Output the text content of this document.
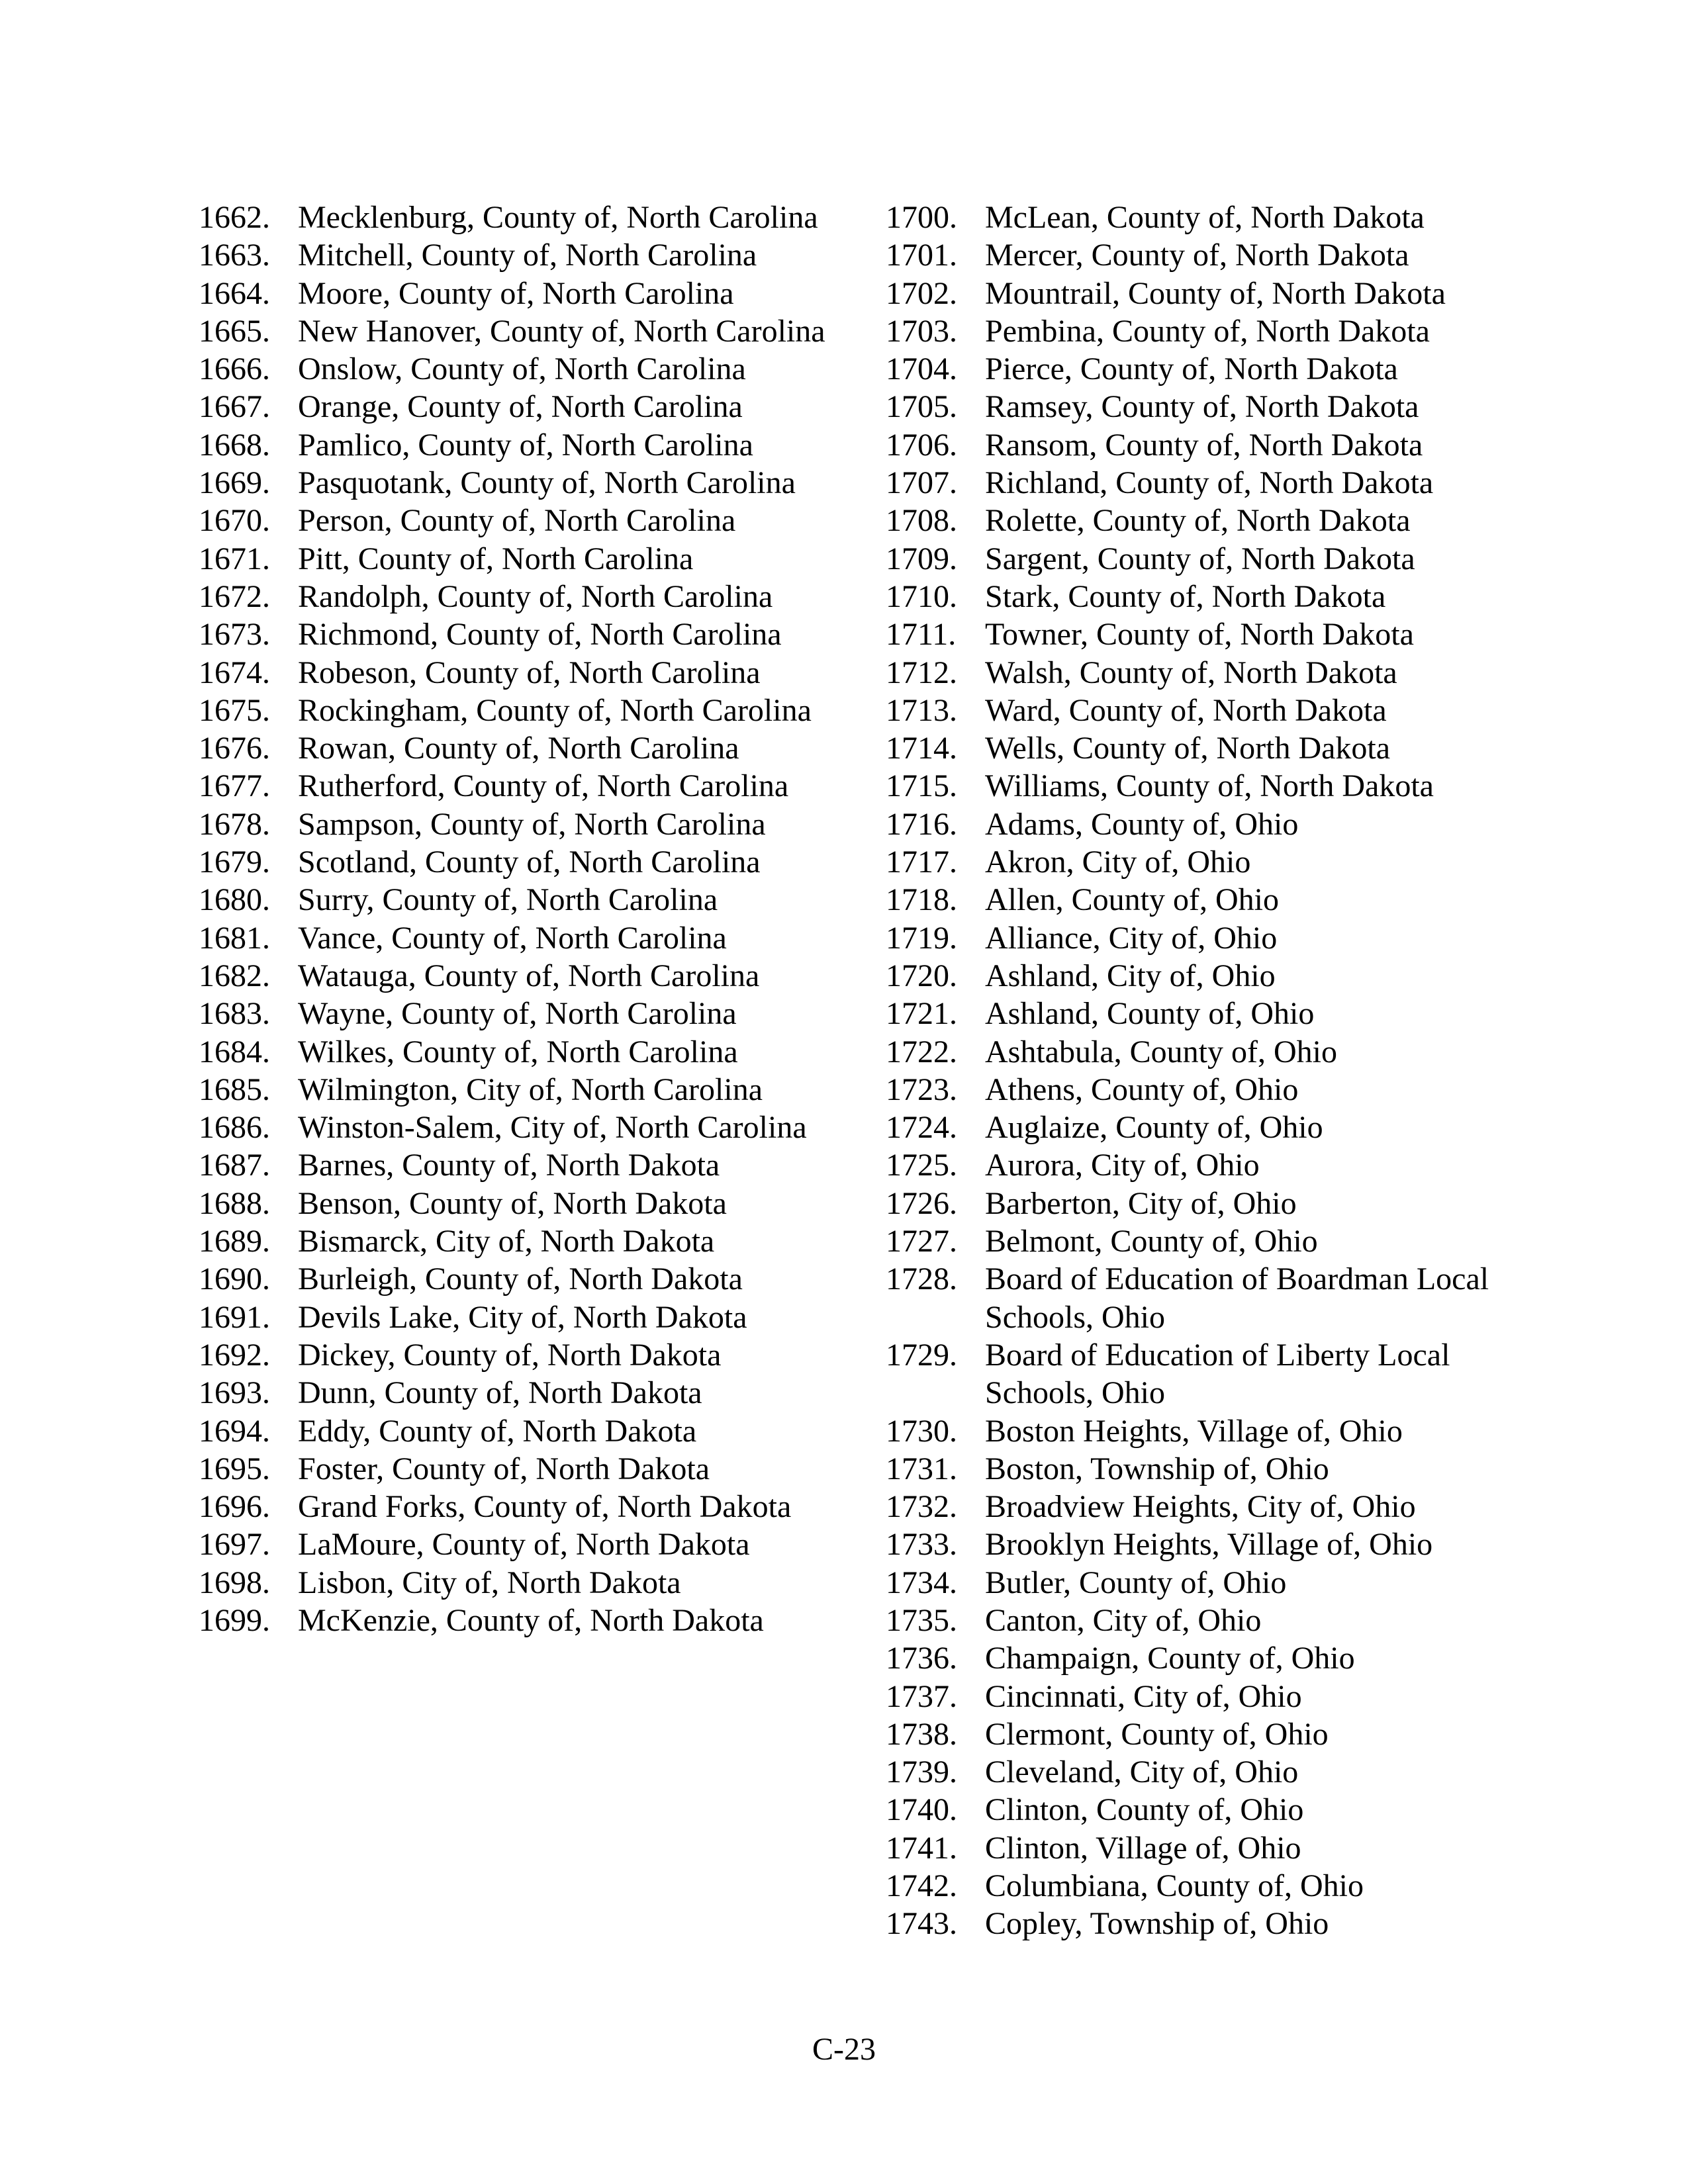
1662. Mecklenburg, County of, North Carolina
1663. Mitchell, County of, North Carolina
1664. Moore, County of, North Carolina
1665. New Hanover, County of, North Carolina
1666. Onslow, County of, North Carolina
1667. Orange, County of, North Carolina
1668. Pamlico, County of, North Carolina
1669. Pasquotank, County of, North Carolina
1670. Person, County of, North Carolina
1671. Pitt, County of, North Carolina
1672. Randolph, County of, North Carolina
1673. Richmond, County of, North Carolina
1674. Robeson, County of, North Carolina
1675. Rockingham, County of, North Carolina
1676. Rowan, County of, North Carolina
1677. Rutherford, County of, North Carolina
1678. Sampson, County of, North Carolina
1679. Scotland, County of, North Carolina
1680. Surry, County of, North Carolina
1681. Vance, County of, North Carolina
1682. Watauga, County of, North Carolina
1683. Wayne, County of, North Carolina
1684. Wilkes, County of, North Carolina
1685. Wilmington, City of, North Carolina
1686. Winston-Salem, City of, North Carolina
1687. Barnes, County of, North Dakota
1688. Benson, County of, North Dakota
1689. Bismarck, City of, North Dakota
1690. Burleigh, County of, North Dakota
1691. Devils Lake, City of, North Dakota
1692. Dickey, County of, North Dakota
1693. Dunn, County of, North Dakota
1694. Eddy, County of, North Dakota
1695. Foster, County of, North Dakota
1696. Grand Forks, County of, North Dakota
1697. LaMoure, County of, North Dakota
1698. Lisbon, City of, North Dakota
1699. McKenzie, County of, North Dakota
1700. McLean, County of, North Dakota
1701. Mercer, County of, North Dakota
1702. Mountrail, County of, North Dakota
1703. Pembina, County of, North Dakota
1704. Pierce, County of, North Dakota
1705. Ramsey, County of, North Dakota
1706. Ransom, County of, North Dakota
1707. Richland, County of, North Dakota
1708. Rolette, County of, North Dakota
1709. Sargent, County of, North Dakota
1710. Stark, County of, North Dakota
1711. Towner, County of, North Dakota
1712. Walsh, County of, North Dakota
1713. Ward, County of, North Dakota
1714. Wells, County of, North Dakota
1715. Williams, County of, North Dakota
1716. Adams, County of, Ohio
1717. Akron, City of, Ohio
1718. Allen, County of, Ohio
1719. Alliance, City of, Ohio
1720. Ashland, City of, Ohio
1721. Ashland, County of, Ohio
1722. Ashtabula, County of, Ohio
1723. Athens, County of, Ohio
1724. Auglaize, County of, Ohio
1725. Aurora, City of, Ohio
1726. Barberton, City of, Ohio
1727. Belmont, County of, Ohio
1728. Board of Education of Boardman Local Schools, Ohio
1729. Board of Education of Liberty Local Schools, Ohio
1730. Boston Heights, Village of, Ohio
1731. Boston, Township of, Ohio
1732. Broadview Heights, City of, Ohio
1733. Brooklyn Heights, Village of, Ohio
1734. Butler, County of, Ohio
1735. Canton, City of, Ohio
1736. Champaign, County of, Ohio
1737. Cincinnati, City of, Ohio
1738. Clermont, County of, Ohio
1739. Cleveland, City of, Ohio
1740. Clinton, County of, Ohio
1741. Clinton, Village of, Ohio
1742. Columbiana, County of, Ohio
1743. Copley, Township of, Ohio
C-23
